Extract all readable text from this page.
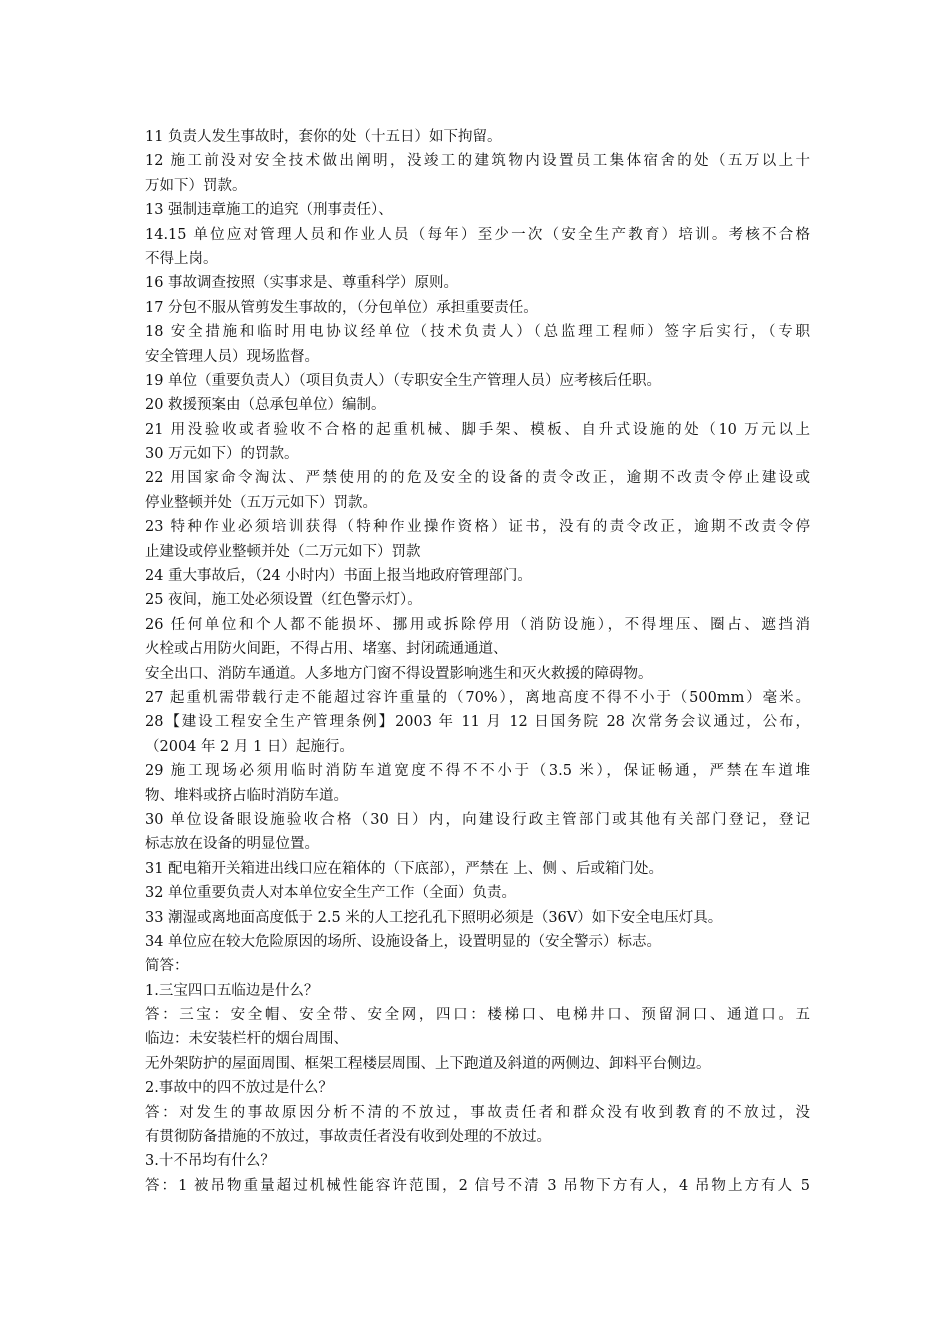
11 负责人发生事故时，套你的处（十五日）如下拘留。
12 施工前没对安全技术做出阐明，没竣工的建筑物内设置员工集体宿舍的处（五万以上十
万如下）罚款。
13 强制违章施工的追究（刑事责任）、
14.15 单位应对管理人员和作业人员（每年）至少一次（安全生产教育）培训。考核不合格
不得上岗。
16 事故调查按照（实事求是、尊重科学）原则。
17 分包不服从管剪发生事故的，（分包单位）承担重要责任。
18 安全措施和临时用电协议经单位（技术负责人）（总监理工程师）签字后实行，（专职
安全管理人员）现场监督。
19 单位（重要负责人）（项目负责人）（专职安全生产管理人员）应考核后任职。
20 救援预案由（总承包单位）编制。
21 用没验收或者验收不合格的起重机械、脚手架、模板、自升式设施的处（10 万元以上
30 万元如下）的罚款。
22 用国家命令淘汰、严禁使用的的危及安全的设备的责令改正，逾期不改责令停止建设或
停业整顿并处（五万元如下）罚款。
23 特种作业必须培训获得（特种作业操作资格）证书，没有的责令改正，逾期不改责令停
止建设或停业整顿并处（二万元如下）罚款
24 重大事故后，（24 小时内）书面上报当地政府管理部门。
25 夜间，施工处必须设置（红色警示灯）。
26 任何单位和个人都不能损坏、挪用或拆除停用（消防设施），不得埋压、圈占、遮挡消
火栓或占用防火间距，不得占用、堵塞、封闭疏通通道、
安全出口、消防车通道。人多地方门窗不得设置影响逃生和灭火救援的障碍物。
27 起重机需带载行走不能超过容许重量的（70%），离地高度不得不小于（500mm）毫米。
28【建设工程安全生产管理条例】2003 年 11 月 12 日国务院 28 次常务会议通过，公布，
（2004 年 2 月 1 日）起施行。
29 施工现场必须用临时消防车道宽度不得不不小于（3.5 米），保证畅通，严禁在车道堆
物、堆料或挤占临时消防车道。
30 单位设备眼设施验收合格（30 日）内，向建设行政主管部门或其他有关部门登记，登记
标志放在设备的明显位置。
31 配电箱开关箱进出线口应在箱体的（下底部），严禁在 上、侧 、后或箱门处。
32 单位重要负责人对本单位安全生产工作（全面）负责。
33 潮湿或离地面高度低于 2.5 米的人工挖孔孔下照明必须是（36V）如下安全电压灯具。
34 单位应在较大危险原因的场所、设施设备上，设置明显的（安全警示）标志。
简答：
1.三宝四口五临边是什么？
答：三宝：安全帽、安全带、安全网，四口：楼梯口、电梯井口、预留洞口、通道口。五
临边：未安装栏杆的烟台周围、
无外架防护的屋面周围、框架工程楼层周围、上下跑道及斜道的两侧边、卸料平台侧边。
2.事故中的四不放过是什么？
答：对发生的事故原因分析不清的不放过，事故责任者和群众没有收到教育的不放过，没
有贯彻防备措施的不放过，事故责任者没有收到处理的不放过。
3.十不吊均有什么？
答：1 被吊物重量超过机械性能容许范围，2 信号不清 3 吊物下方有人，4 吊物上方有人 5
